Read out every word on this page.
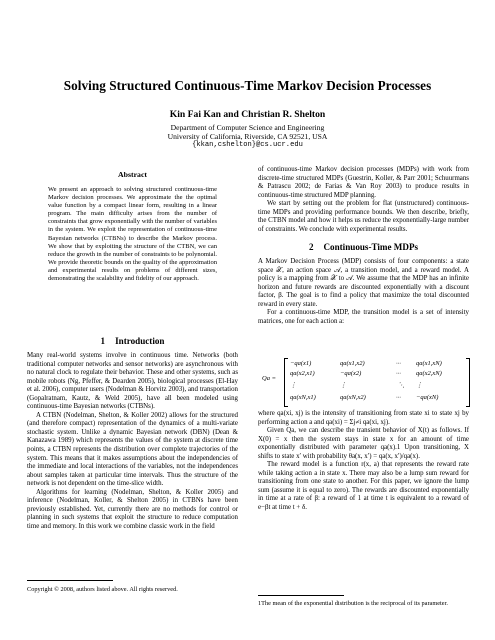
Solving Structured Continuous-Time Markov Decision Processes
Kin Fai Kan and Christian R. Shelton
Department of Computer Science and Engineering
University of California, Riverside, CA 92521, USA
{kkan,cshelton}@cs.ucr.edu
Abstract
We present an approach to solving structured continuous-time Markov decision processes. We approximate the the optimal value function by a compact linear form, resulting in a linear program. The main difficulty arises from the number of constraints that grow exponentially with the number of variables in the system. We exploit the representation of continuous-time Bayesian networks (CTBNs) to describe the Markov process. We show that by exploiting the structure of the CTBN, we can reduce the growth in the number of constraints to be polynomial. We provide theoretic bounds on the quality of the approximation and experimental results on problems of different sizes, demonstrating the scalability and fidelity of our approach.
1 Introduction

Many real-world systems involve in continuous time. Networks (both traditional computer networks and sensor networks) are asynchronous with no natural clock to regulate their behavior. These and other systems, such as mobile robots (Ng, Pfeffer, & Dearden 2005), biological processes (El-Hay et al. 2006), computer users (Nodelman & Horvitz 2003), and transportation (Gopalratnam, Kautz, & Weld 2005), have all been modeled using continuous-time Bayesian networks (CTBNs).

A CTBN (Nodelman, Shelton, & Koller 2002) allows for the structured (and therefore compact) representation of the dynamics of a multi-variate stochastic system. Unlike a dynamic Bayesian network (DBN) (Dean & Kanazawa 1989) which represents the values of the system at discrete time points, a CTBN represents the distribution over complete trajectories of the system. This means that it makes assumptions about the independencies of the immediate and local interactions of the variables, not the independences about samples taken at particular time intervals. Thus the structure of the network is not dependent on the time-slice width.

Algorithms for learning (Nodelman, Shelton, & Koller 2005) and inference (Nodelman, Koller, & Shelton 2005) in CTBNs have been previously established. Yet, currently there are no methods for control or planning in such systems that exploit the structure to reduce computation time and memory. In this work we combine classic work in the field

Copyright © 2008, authors listed above. All rights reserved.

of continuous-time Markov decision processes (MDPs) with work from discrete-time structured MDPs (Guestrin, Koller, & Parr 2001; Schuurmans & Patrascu 2002; de Farias & Van Roy 2003) to produce results in continuous-time structured MDP planning.

We start by setting out the problem for flat (unstructured) continuous-time MDPs and providing performance bounds. We then describe, briefly, the CTBN model and how it helps us reduce the exponentially-large number of constraints. We conclude with experimental results.

2 Continuous-Time MDPs

A Markov Decision Process (MDP) consists of four components: a state space 𝒳, an action space 𝒜, a transition model, and a reward model. A policy is a mapping from 𝒳 to 𝒜. We assume that the MDP has an infinite horizon and future rewards are discounted exponentially with a discount factor, β. The goal is to find a policy that maximize the total discounted reward in every state.

For a continuous-time MDP, the transition model is a set of intensity matrices, one for each action a:

Qa =
−qa(x1)	qa(x1,x2)	··· qa(x1,xN)
qa(x2,x1)	−qa(x2)	··· qa(x2,xN)
⋮	⋮	⋱ ⋮
qa(xN,x1)	qa(xN,x2)	··· −qa(xN)

where qa(xi, xj) is the intensity of transitioning from state xi to state xj by performing action a and qa(xi) = Σj≠i qa(xi, xj).

Given Qa, we can describe the transient behavior of X(t) as follows. If X(0) = x then the system stays in state x for an amount of time exponentially distributed with parameter qa(x).1 Upon transitioning, X shifts to state x′ with probability θa(x, x′) = qa(x, x′)/qa(x).

The reward model is a function r(x, a) that represents the reward rate while taking action a in state x. There may also be a lump sum reward for transitioning from one state to another. For this paper, we ignore the lump sum (assume it is equal to zero). The rewards are discounted exponentially in time at a rate of β: a reward of 1 at time t is equivalent to a reward of e−βt at time t + δ.

1The mean of the exponential distribution is the reciprocal of its parameter.
